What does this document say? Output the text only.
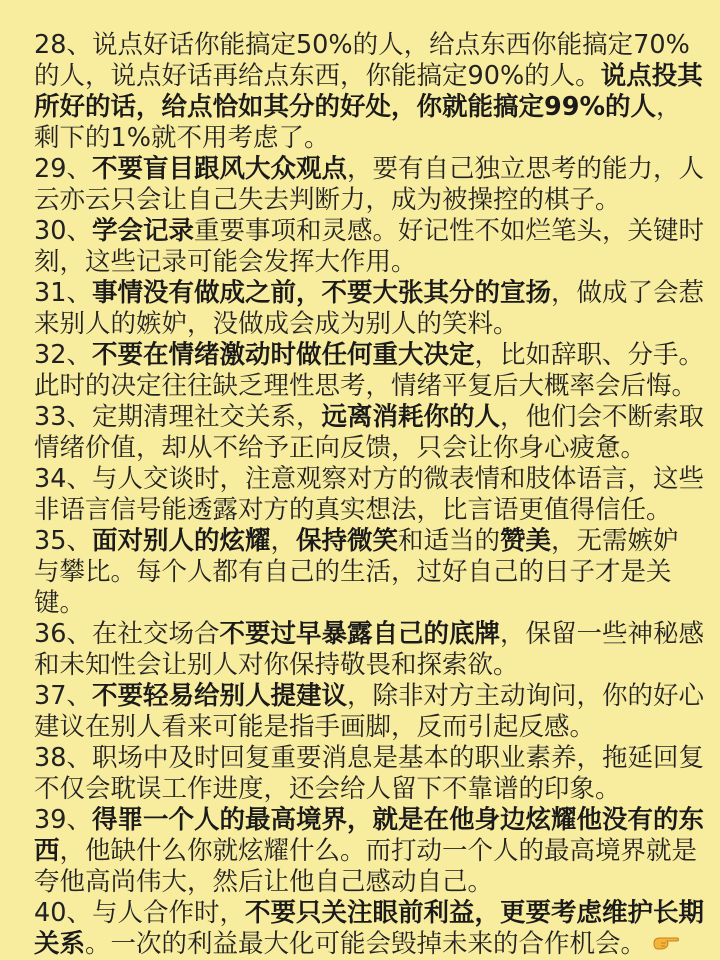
28、说点好话你能搞定50%的人，给点东西你能搞定70%的人，说点好话再给点东西，你能搞定90%的人。说点投其所好的话，给点恰如其分的好处，你就能搞定99%的人，剩下的1%就不用考虑了。

29、不要盲目跟风大众观点，要有自己独立思考的能力，人云亦云只会让自己失去判断力，成为被操控的棋子。

30、学会记录重要事项和灵感。好记性不如烂笔头，关键时刻，这些记录可能会发挥大作用。

31、事情没有做成之前，不要大张其分的宣扬，做成了会惹来别人的嫉妒，没做成会成为别人的笑料。

32、不要在情绪激动时做任何重大决定，比如辞职、分手。此时的决定往往缺乏理性思考，情绪平复后大概率会后悔。

33、定期清理社交关系，远离消耗你的人，他们会不断索取情绪价值，却从不给予正向反馈，只会让你身心疲惫。

34、与人交谈时，注意观察对方的微表情和肢体语言，这些非语言信号能透露对方的真实想法，比言语更值得信任。

35、面对别人的炫耀，保持微笑和适当的赞美，无需嫉妒与攀比。每个人都有自己的生活，过好自己的日子才是关键。

36、在社交场合不要过早暴露自己的底牌，保留一些神秘感和未知性会让别人对你保持敬畏和探索欲。

37、不要轻易给别人提建议，除非对方主动询问，你的好心建议在别人看来可能是指手画脚，反而引起反感。

38、职场中及时回复重要消息是基本的职业素养，拖延回复不仅会耽误工作进度，还会给人留下不靠谱的印象。

39、得罪一个人的最高境界，就是在他身边炫耀他没有的东西，他缺什么你就炫耀什么。而打动一个人的最高境界就是夸他高尚伟大，然后让他自己感动自己。

40、与人合作时，不要只关注眼前利益，更要考虑维护长期关系。一次的利益最大化可能会毁掉未来的合作机会。
